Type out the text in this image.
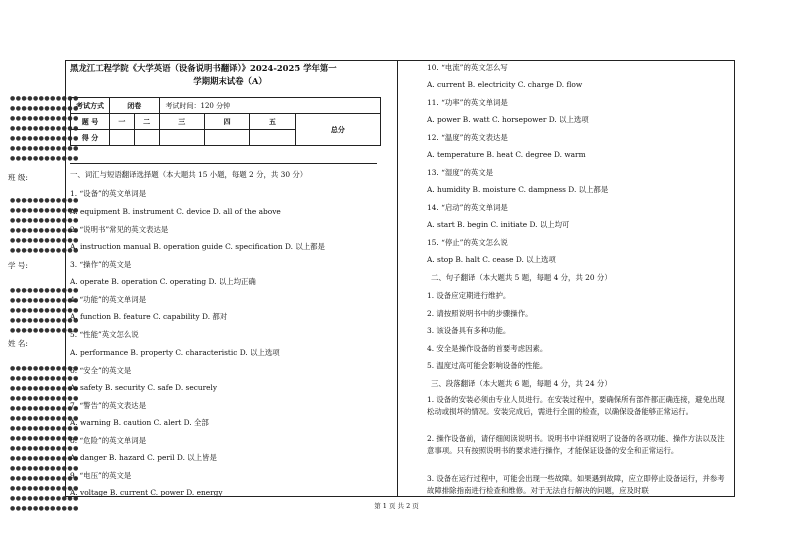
●●●●●●●●●●●●
●●●●●●●●●●●●
●●●●●●●●●●●●
●●●●●●●●●●●●
●●●●●●●●●●●●
●●●●●●●●●●●●
●●●●●●●●●●●●
班 级:
●●●●●●●●●●●●
●●●●●●●●●●●●
●●●●●●●●●●●●
●●●●●●●●●●●●
●●●●●●●●●●●●
●●●●●●●●●●●●
学 号:
●●●●●●●●●●●●
●●●●●●●●●●●●
●●●●●●●●●●●●
●●●●●●●●●●●●
●●●●●●●●●●●●
姓 名:
●●●●●●●●●●●●
●●●●●●●●●●●●
●●●●●●●●●●●●
●●●●●●●●●●●●
●●●●●●●●●●●●
●●●●●●●●●●●●
●●●●●●●●●●●●
●●●●●●●●●●●●
●●●●●●●●●●●●
●●●●●●●●●●●●
●●●●●●●●●●●●
●●●●●●●●●●●●
●●●●●●●●●●●●
●●●●●●●●●●●●
●●●●●●●●●●●●
黑龙江工程学院《大学英语（设备说明书翻译）》2024-2025 学年第一
学期期末试卷（A）
考试方式	闭卷		考试时间：120 分钟			
题 号	一	二	三	四	五	总分
得 分						
一、词汇与短语翻译选择题（本大题共 15 小题，每题 2 分，共 30 分）
1. “设备”的英文单词是
A. equipment B. instrument C. device D. all of the above
2. “说明书”常见的英文表达是
A. instruction manual B. operation guide C. specification D. 以上都是
3. “操作”的英文是
A. operate B. operation C. operating D. 以上均正确
4. “功能”的英文单词是
A. function B. feature C. capability D. 都对
5. “性能”英文怎么说
A. performance B. property C. characteristic D. 以上选项
6. “安全”的英文是
A. safety B. security C. safe D. securely
7. “警告”的英文表达是
A. warning B. caution C. alert D. 全部
8. “危险”的英文单词是
A. danger B. hazard C. peril D. 以上皆是
9. “电压”的英文是
A. voltage B. current C. power D. energy
10. “电流”的英文怎么写
A. current B. electricity C. charge D. flow
11. “功率”的英文单词是
A. power B. watt C. horsepower D. 以上选项
12. “温度”的英文表达是
A. temperature B. heat C. degree D. warm
13. “湿度”的英文是
A. humidity B. moisture C. dampness D. 以上都是
14. “启动”的英文单词是
A. start B. begin C. initiate D. 以上均可
15. “停止”的英文怎么说
A. stop B. halt C. cease D. 以上选项
二、句子翻译（本大题共 5 题，每题 4 分，共 20 分）
1. 设备应定期进行维护。
2. 请按照说明书中的步骤操作。
3. 该设备具有多种功能。
4. 安全是操作设备的首要考虑因素。
5. 温度过高可能会影响设备的性能。
三、段落翻译（本大题共 6 题，每题 4 分，共 24 分）
1. 设备的安装必须由专业人员进行。在安装过程中，要确保所有部件都正确连接，避免出现松动或损坏的情况。安装完成后，需进行全面的检查，以确保设备能够正常运行。
2. 操作设备前，请仔细阅读说明书。说明书中详细说明了设备的各项功能、操作方法以及注意事项。只有按照说明书的要求进行操作，才能保证设备的安全和正常运行。
3. 设备在运行过程中，可能会出现一些故障。如果遇到故障，应立即停止设备运行，并参考故障排除指南进行检查和维修。对于无法自行解决的问题，应及时联
第 1 页 共 2 页
